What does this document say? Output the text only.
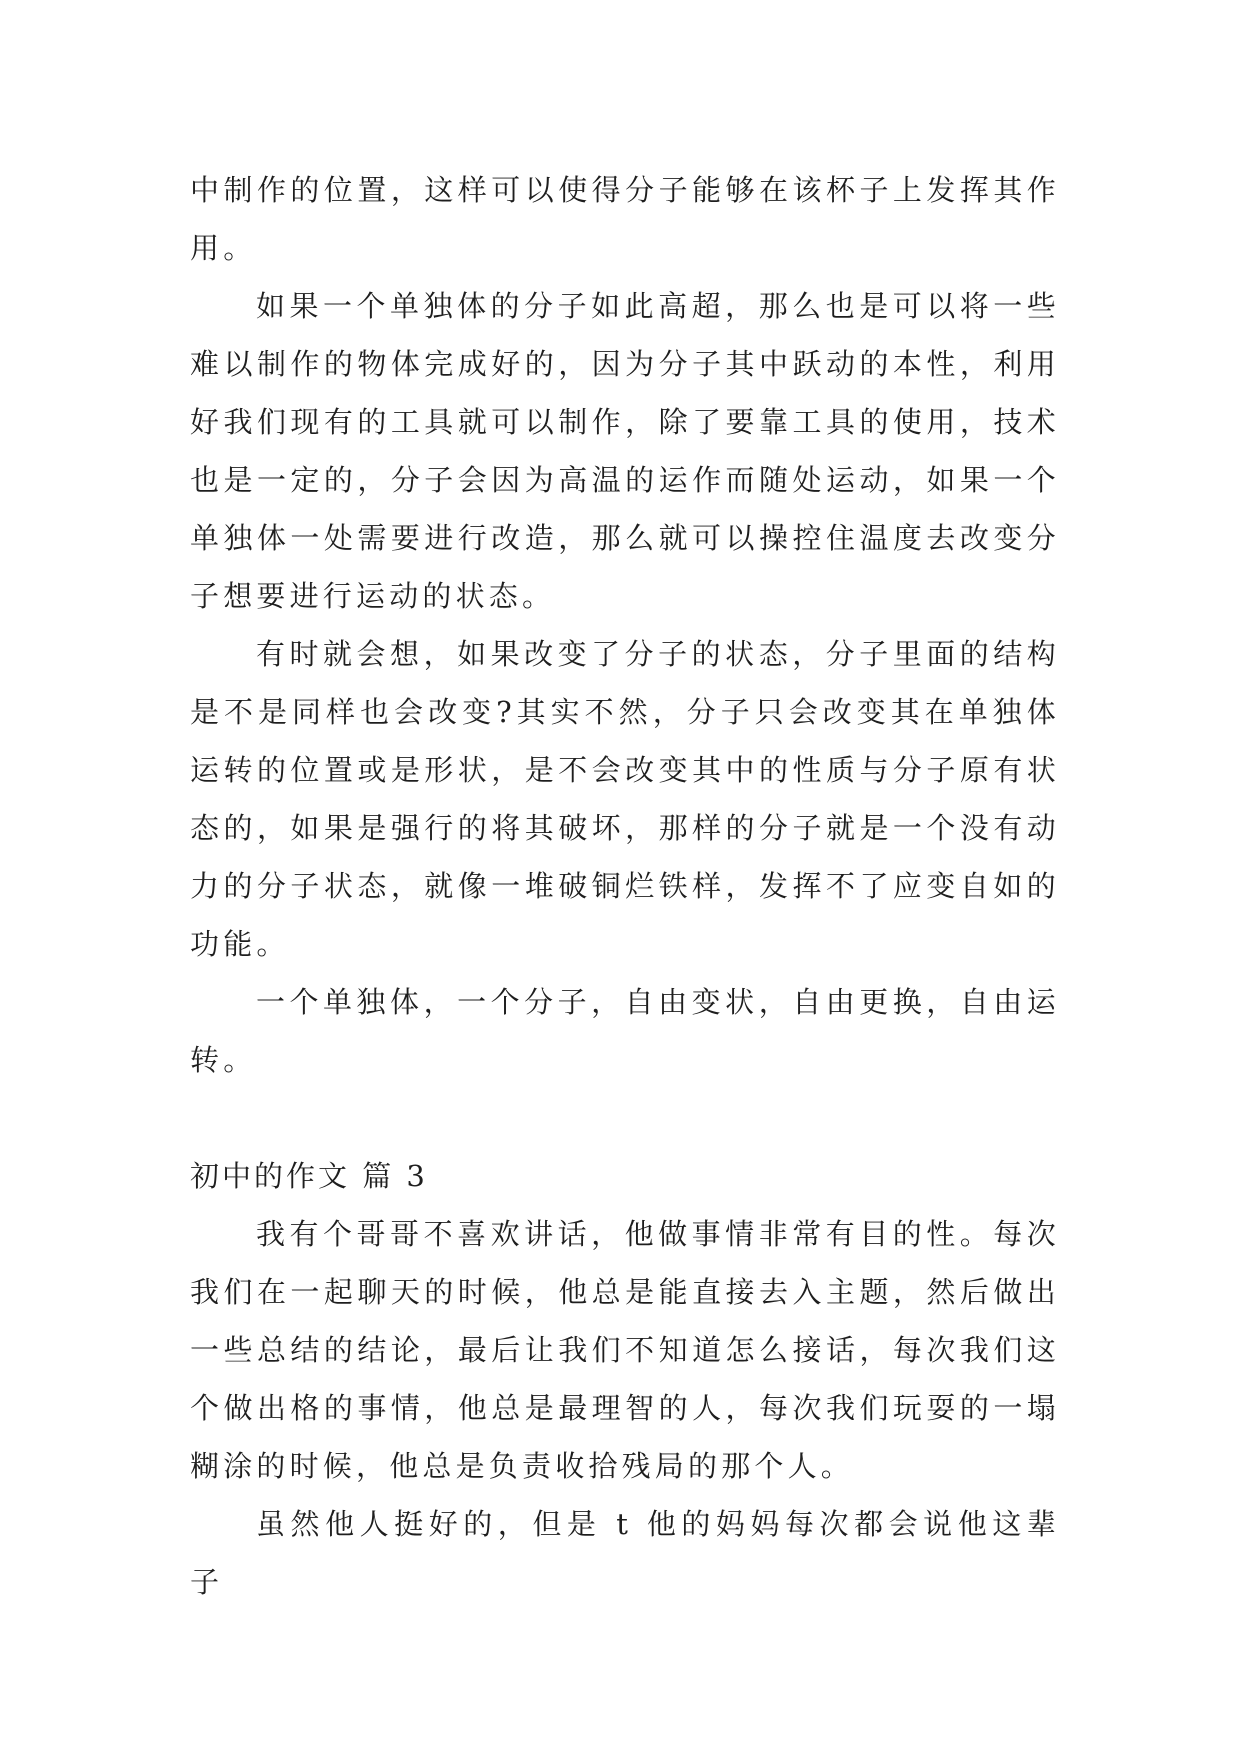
中制作的位置，这样可以使得分子能够在该杯子上发挥其作用。

如果一个单独体的分子如此高超，那么也是可以将一些难以制作的物体完成好的，因为分子其中跃动的本性，利用好我们现有的工具就可以制作，除了要靠工具的使用，技术也是一定的，分子会因为高温的运作而随处运动，如果一个单独体一处需要进行改造，那么就可以操控住温度去改变分子想要进行运动的状态。

有时就会想，如果改变了分子的状态，分子里面的结构是不是同样也会改变?其实不然，分子只会改变其在单独体运转的位置或是形状，是不会改变其中的性质与分子原有状态的，如果是强行的将其破坏，那样的分子就是一个没有动力的分子状态，就像一堆破铜烂铁样，发挥不了应变自如的功能。

一个单独体，一个分子，自由变状，自由更换，自由运转。

初中的作文 篇 3

我有个哥哥不喜欢讲话，他做事情非常有目的性。每次我们在一起聊天的时候，他总是能直接去入主题，然后做出一些总结的结论，最后让我们不知道怎么接话，每次我们这个做出格的事情，他总是最理智的人，每次我们玩耍的一塌糊涂的时候，他总是负责收拾残局的那个人。

虽然他人挺好的，但是 t 他的妈妈每次都会说他这辈子
